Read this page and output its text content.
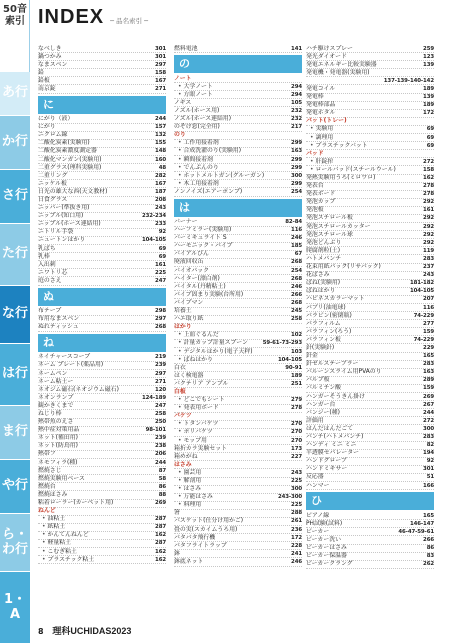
50音索引
あ行
か行
さ行
た行
な行
は行
ま行
や行
ら・わ行
1・A
INDEX ─ 品名索引 ─
なべしき	301
鍋つかみ	301
なまスベン	297
鉛	158
鉛板	167
南京錠	271
に
にがり（液）	244
にがり	157
ニクロム線	132
二酸化炭素(実験用)	155
二酸化炭素濃度測定器	148
二酸化マンガン(実験用)	160
二重グラス(理科実験用)	48
二重リング	282
ニッケル板	167
日光の雄大な西(天文教材)	187
日食グラス	208
ニッパー(準抜き用)	243
ニップル(知口用)	232-234
ニップル(ホース連結用)	233
ニトリル手袋	92
ニュートンはかり	104-105
乳ばち	69
乳棒	69
入出刺	161
ニワトリ芯	225
庭のさえ	247
ぬ
布テープ	298
布用なまスベン	297
ぬれティッシュ	268
ね
ネイチャースコープ	219
ネーム プレート(薬品用)	239
ネームペン	297
ネーム粘土ー	271
ネオジム磁石(ネオジウム磁石)	120
ネオンランプ	124-189
観かきくまで	247
ねじり棒	258
熱帯魚のえさ	250
熱中症対策用品	98-101
ネット(罹田用)	239
ネット(防鳥用)	238
熱帯フ	206
ネモフィラ(種)	244
燃焼さじ	87
燃焼実験用ベース	58
燃焼台	86
燃焼ほさみ	88
粘着ローラー(カーペット用)	269
ねんど
• 油粘土	287
• 紙粘土	287
• かんてんねんど	162
• 軽量粘土	287
• こむぎ粘土	162
• プラスチック粘土	162
燃料電池	141
の
ノート
• 大学ノート	294
• 方眼ノート	294
ノギス	105
ノズル(ホース用)	232
ノズル(ホース連結用)	232
のぞけ窓(完全用)	217
のり
• 工作用接着剤	299
• 合成洗濯のり(実験用)	163
• 瞬間接着剤	299
• でんぷんのり	299
• ホットメルトガン(グルーガン)	300
• 木工用接着剤	299
ノンノイズ(エアーポンプ)	254
は
バーナー	82-84
ハーフミラー(実験用)	116
バーミキュライト S	246
ハーモニック・パイプ	185
バイアルびん	67
廃液回収缶	268
バイオパック	254
ハイター(漂白剤)	268
パイタル(丹精粘土)	246
パイプ固まり実験(台所用)	266
パイプマン	268
培養土	245
ハエ取り紙	258
はかり
• 上皿ぐるんだ	102
• 計量カップ計量スプーン	59-61-73-293
• デジタルはかり(電子天秤)	103
• ばねはかり	104-105
白衣	90-91
はく検電器	189
バクテリア アンプル	251
白板
• どこでもシート	279
• 発表用ボード	278
バケツ
• トタンバケツ	270
• ポリバケツ	270
• モップ用	270
箱折カラ実験セット	173
箱めがね	227
はさみ
• 園芸用	243
• 解剖用	225
• はさみ	300
• 万能はさみ	243-300
• 料理用	225
箸	288
バスケット(仕分け用かご)	261
畳の実(スカイムうろ用)	236
パタパタ飛行機	172
パタフライトラップ	228
鉢	241
鉢底ネット	246
ハチ駆けスプレー	259
発光ダイオード	123
発電エネルギー比較実験器	139
発電機・発電器(実験用)
137-139-140-142
発電コイル	189
発電棒	139
発電棒部品	189
発電ホタル	172
バット(トレー)
• 実験用	69
• 調理用	69
• プラスチックバット	69
バッド
• 肝錠搾	272
• ロールバッド(スチールウール)	158
発熱実験用うろ(ミロワロ)	162
発表台	278
発表ボード	278
発泡カップ	292
発泡板	161
発泡スチロール板	292
発泡スチロールカッター	292
発泡スチロール球	292
発泡どんぶり	292
爬腐剤粒(土)	119
ハトメパンチ	283
花束用紙パック(リサパック)	237
花ばさみ	243
ばね(実験用)	181-182
ばねはかり	104-105
ハピネスカラーマット	207
パブリ(油電球)	116
パラビン(密閉瓶)	74-229
パラフィルム	277
パラフィン(ろう)	159
パラフィン板	74-229
針(実験針)	229
針金	165
針ゼルステーブラー	283
バルーンスライム用PVAのり	163
パルプ板	289
バルミチン酸	159
ハンガーそうきん掛け	269
ハンガー台	267
バンジー(種)	244
評価用	272
はんだはんだごて	300
パンチ(ハトメパンチ)	283
ハンディ ミニ ミニ	82
半透膜セパレーター	194
ハンドグローブ	92
ハンドミキサー	301
反応器	51
ハンマー	166
ひ
ピアノ線	165
PH試験(試料)	146-147
ビーカー	46-47-59-61
ビーカー洗い	266
ビーカーはさみ	86
ビーカー保温器	83
ビーカークラング	262
8 理科UCHIDAS2023
